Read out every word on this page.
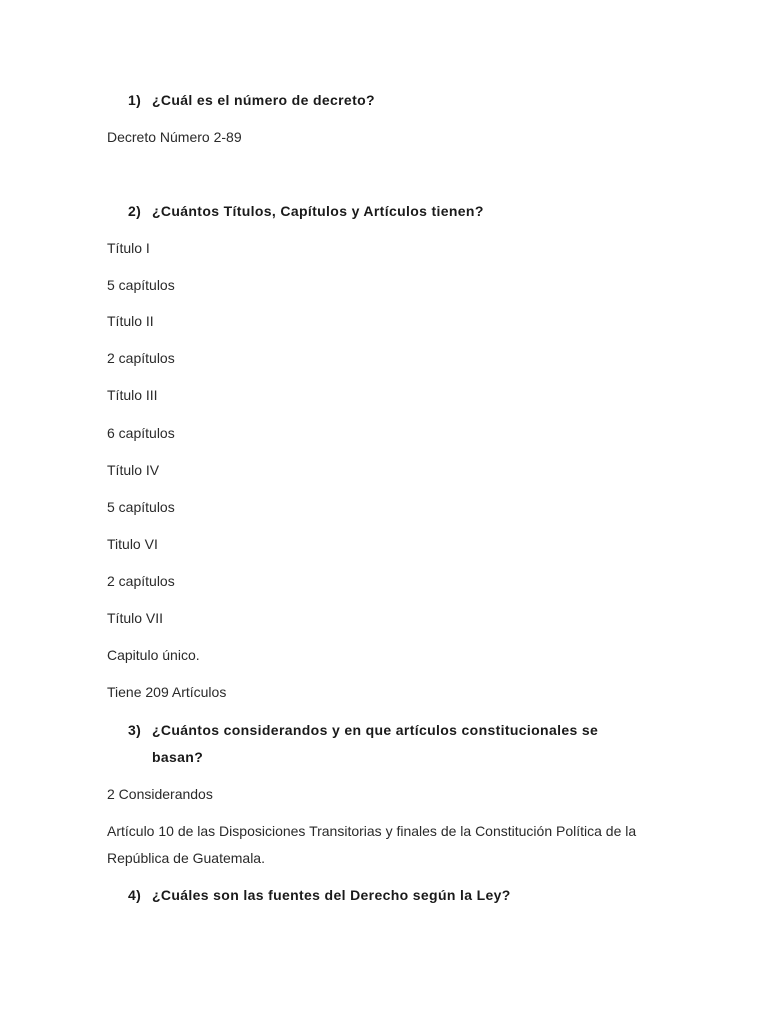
1) ¿Cuál es el número de decreto?
Decreto Número 2-89
2) ¿Cuántos Títulos, Capítulos y Artículos tienen?
Título I
5 capítulos
Título II
2 capítulos
Título III
6 capítulos
Título IV
5 capítulos
Titulo VI
2 capítulos
Título VII
Capitulo único.
Tiene 209 Artículos
3) ¿Cuántos considerandos y en que artículos constitucionales se basan?
2 Considerandos
Artículo 10 de las Disposiciones Transitorias y finales de la Constitución Política de la República de Guatemala.
4) ¿Cuáles son las fuentes del Derecho según la Ley?
